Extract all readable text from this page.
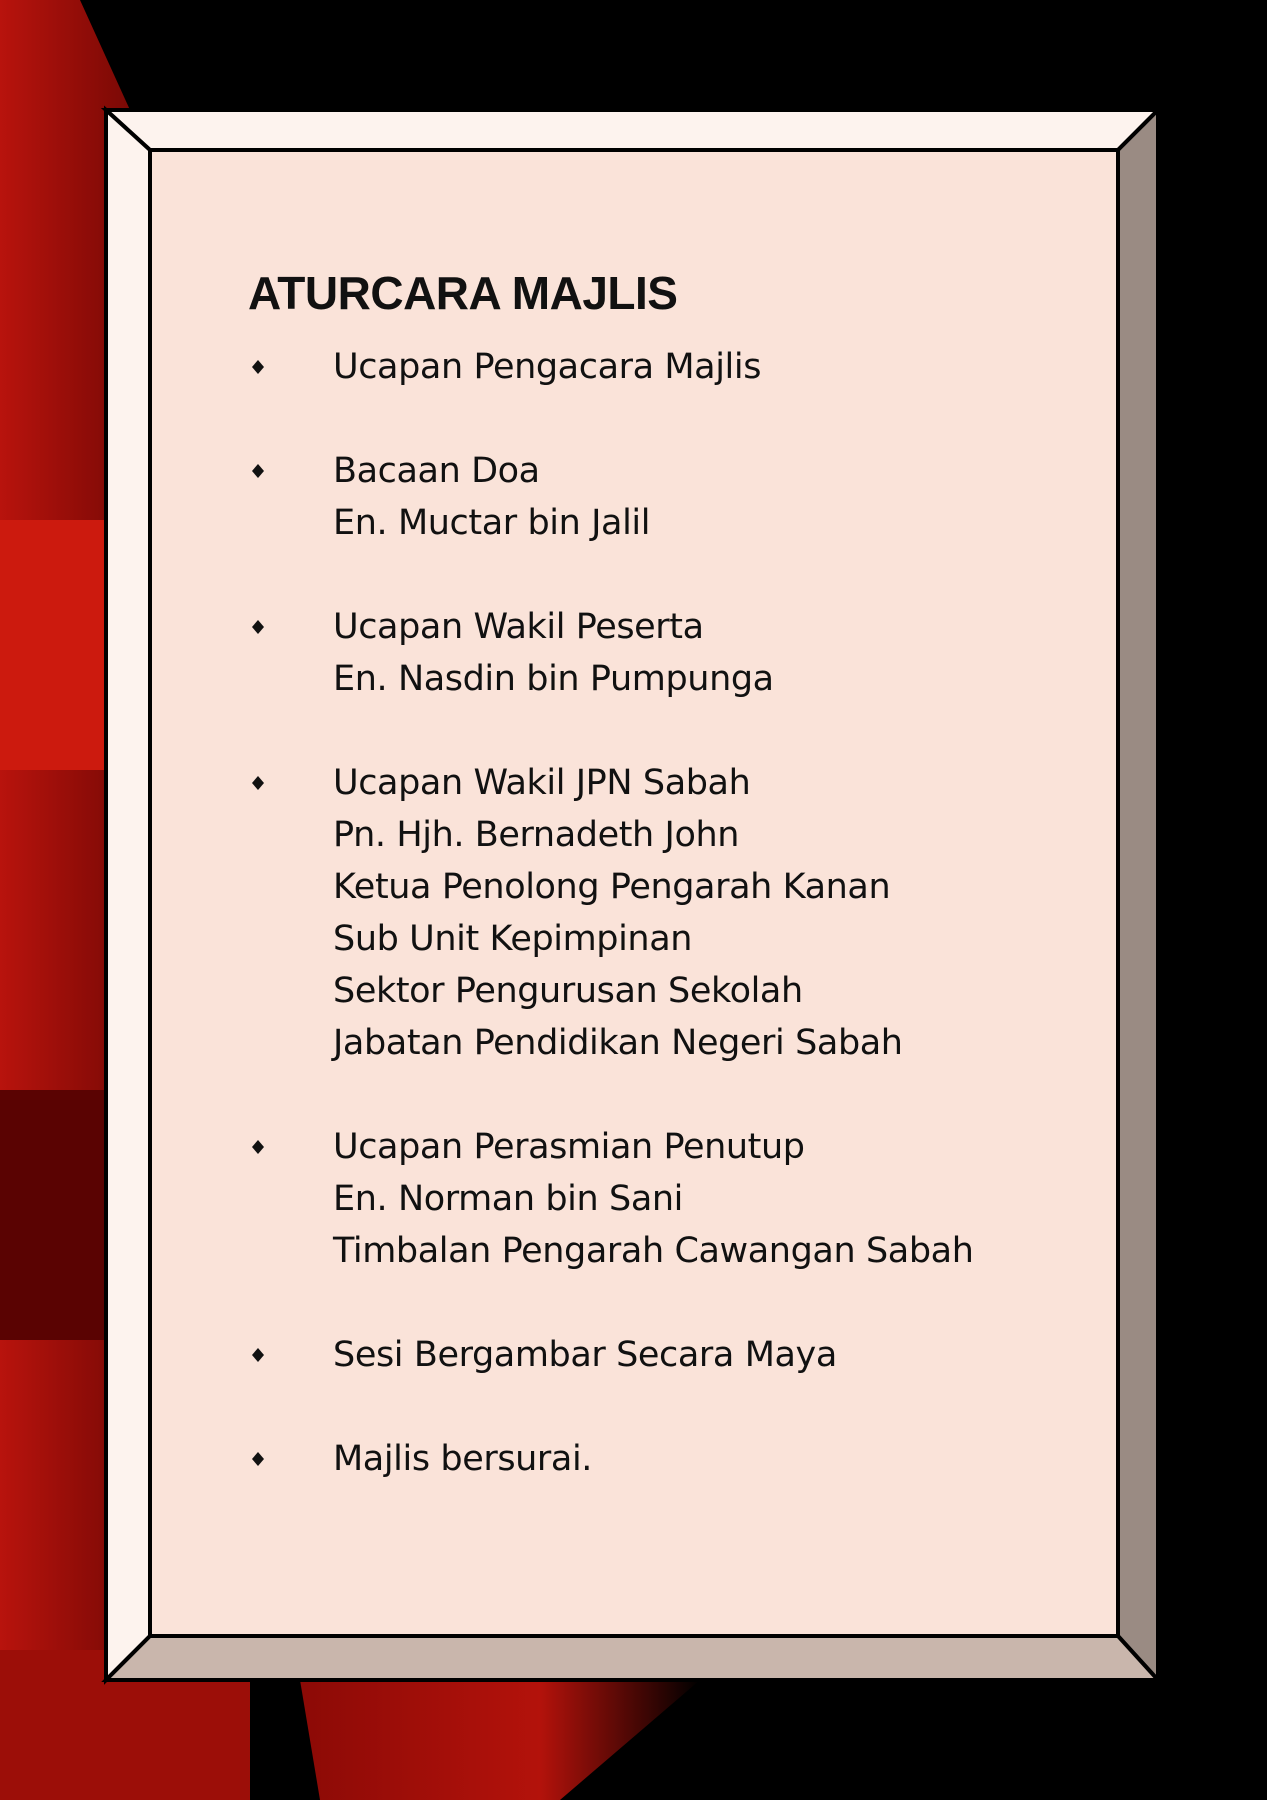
ATURCARA MAJLIS
Ucapan Pengacara Majlis
Bacaan Doa
En. Muctar bin Jalil
Ucapan Wakil Peserta
En. Nasdin bin Pumpunga
Ucapan Wakil JPN Sabah
Pn. Hjh. Bernadeth John
Ketua Penolong Pengarah Kanan
Sub Unit Kepimpinan
Sektor Pengurusan Sekolah
Jabatan Pendidikan Negeri Sabah
Ucapan Perasmian Penutup
En. Norman bin Sani
Timbalan Pengarah Cawangan Sabah
Sesi Bergambar Secara Maya
Majlis bersurai.
